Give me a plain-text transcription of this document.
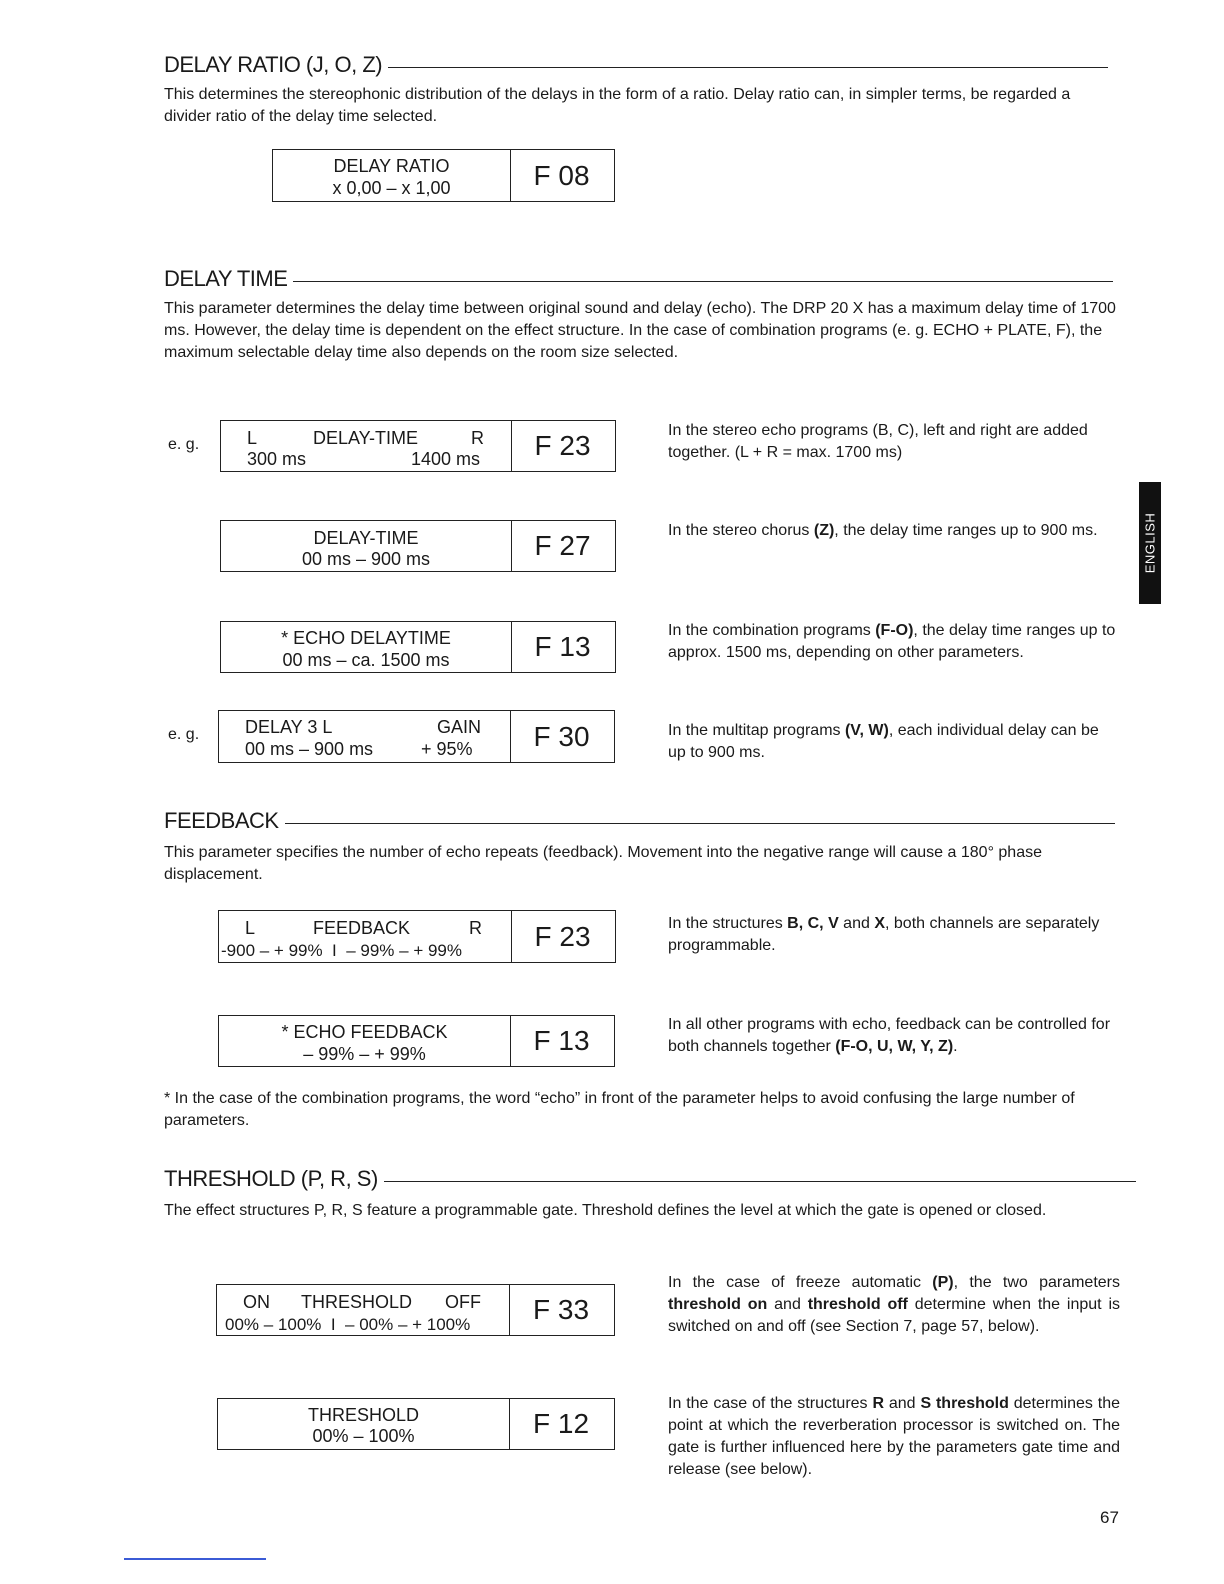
DELAY RATIO (J, O, Z)
This determines the stereophonic distribution of the delays in the form of a ratio. Delay ratio can, in simpler terms, be regarded a divider ratio of the delay time selected.
DELAY RATIO
x 0,00 – x 1,00	F 08
DELAY TIME
This parameter determines the delay time between original sound and delay (echo). The DRP 20 X has a maximum delay time of 1700 ms. However, the delay time is dependent on the effect structure. In the case of combination programs (e. g. ECHO + PLATE, F), the maximum selectable delay time also depends on the room size selected.
e. g.	L	DELAY-TIME	R
300 ms	1400 ms	F 23	In the stereo echo programs (B, C), left and right are added together. (L + R = max. 1700 ms)
DELAY-TIME
00 ms – 900 ms	F 27	In the stereo chorus (Z), the delay time ranges up to 900 ms.
* ECHO DELAYTIME
00 ms – ca. 1500 ms	F 13
In the combination programs (F-O), the delay time ranges up to approx. 1500 ms, depending on other parameters.
e. g.	DELAY 3 L	GAIN
00 ms – 900 ms	+ 95%	F 30	In the multitap programs (V, W), each individual delay can be up to 900 ms.
FEEDBACK
This parameter specifies the number of echo repeats (feedback). Movement into the negative range will cause a 180° phase displacement.
L	FEEDBACK	R
-900 – + 99%  I  – 99% – + 99%	F 23	In the structures B, C, V and X, both channels are separately programmable.
* ECHO FEEDBACK
– 99% – + 99%	F 13
In all other programs with echo, feedback can be controlled for both channels together (F-O, U, W, Y, Z).
* In the case of the combination programs, the word “echo” in front of the parameter helps to avoid confusing the large number of parameters.
THRESHOLD (P, R, S)
The effect structures P, R, S feature a programmable gate. Threshold defines the level at which the gate is opened or closed.
ON THRESHOLD OFF
00% – 100%  I  – 00% – + 100%	F 33
In the case of freeze automatic (P), the two parameters threshold on and threshold off determine when the input is switched on and off (see Section 7, page 57, below).
THRESHOLD
00% – 100%	F 12
In the case of the structures R and S threshold determines the point at which the reverberation processor is switched on. The gate is further influenced here by the parameters gate time and release (see below).
ENGLISH
67
